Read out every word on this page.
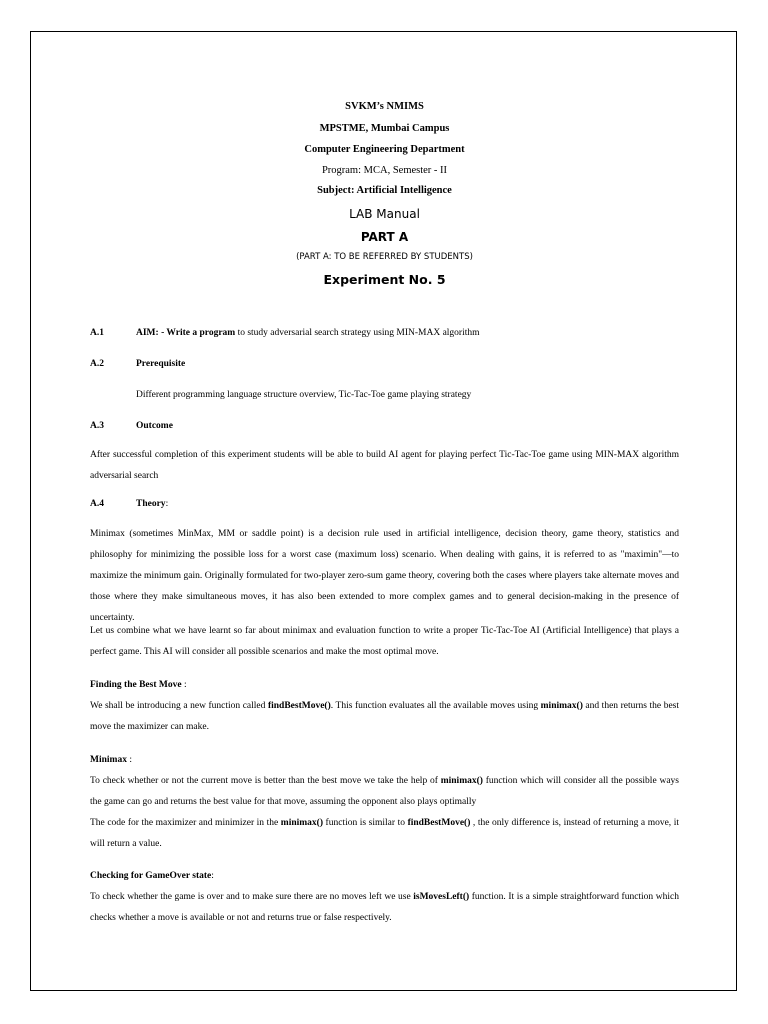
SVKM’s NMIMS
MPSTME, Mumbai Campus
Computer Engineering Department
Program: MCA, Semester - II
Subject: Artificial Intelligence
LAB Manual
PART A
(PART A: TO BE REFERRED BY STUDENTS)
Experiment No. 5
A.1	AIM: - Write a program to study adversarial search strategy using MIN-MAX algorithm
A.2	Prerequisite
Different programming language structure overview, Tic-Tac-Toe game playing strategy
A.3	Outcome
After successful completion of this experiment students will be able to build AI agent for playing perfect Tic-Tac-Toe game using MIN-MAX algorithm adversarial search
A.4	Theory:
Minimax (sometimes MinMax, MM or saddle point) is a decision rule used in artificial intelligence, decision theory, game theory, statistics and philosophy for minimizing the possible loss for a worst case (maximum loss) scenario. When dealing with gains, it is referred to as "maximin"—to maximize the minimum gain. Originally formulated for two-player zero-sum game theory, covering both the cases where players take alternate moves and those where they make simultaneous moves, it has also been extended to more complex games and to general decision-making in the presence of uncertainty.
Let us combine what we have learnt so far about minimax and evaluation function to write a proper Tic-Tac-Toe AI (Artificial Intelligence) that plays a perfect game. This AI will consider all possible scenarios and make the most optimal move.

Finding the Best Move :

We shall be introducing a new function called findBestMove(). This function evaluates all the available moves using minimax() and then returns the best move the maximizer can make.

Minimax :

To check whether or not the current move is better than the best move we take the help of minimax() function which will consider all the possible ways the game can go and returns the best value for that move, assuming the opponent also plays optimally

The code for the maximizer and minimizer in the minimax() function is similar to findBestMove() , the only difference is, instead of returning a move, it will return a value.

Checking for GameOver state:

To check whether the game is over and to make sure there are no moves left we use isMovesLeft() function. It is a simple straightforward function which checks whether a move is available or not and returns true or false respectively.
